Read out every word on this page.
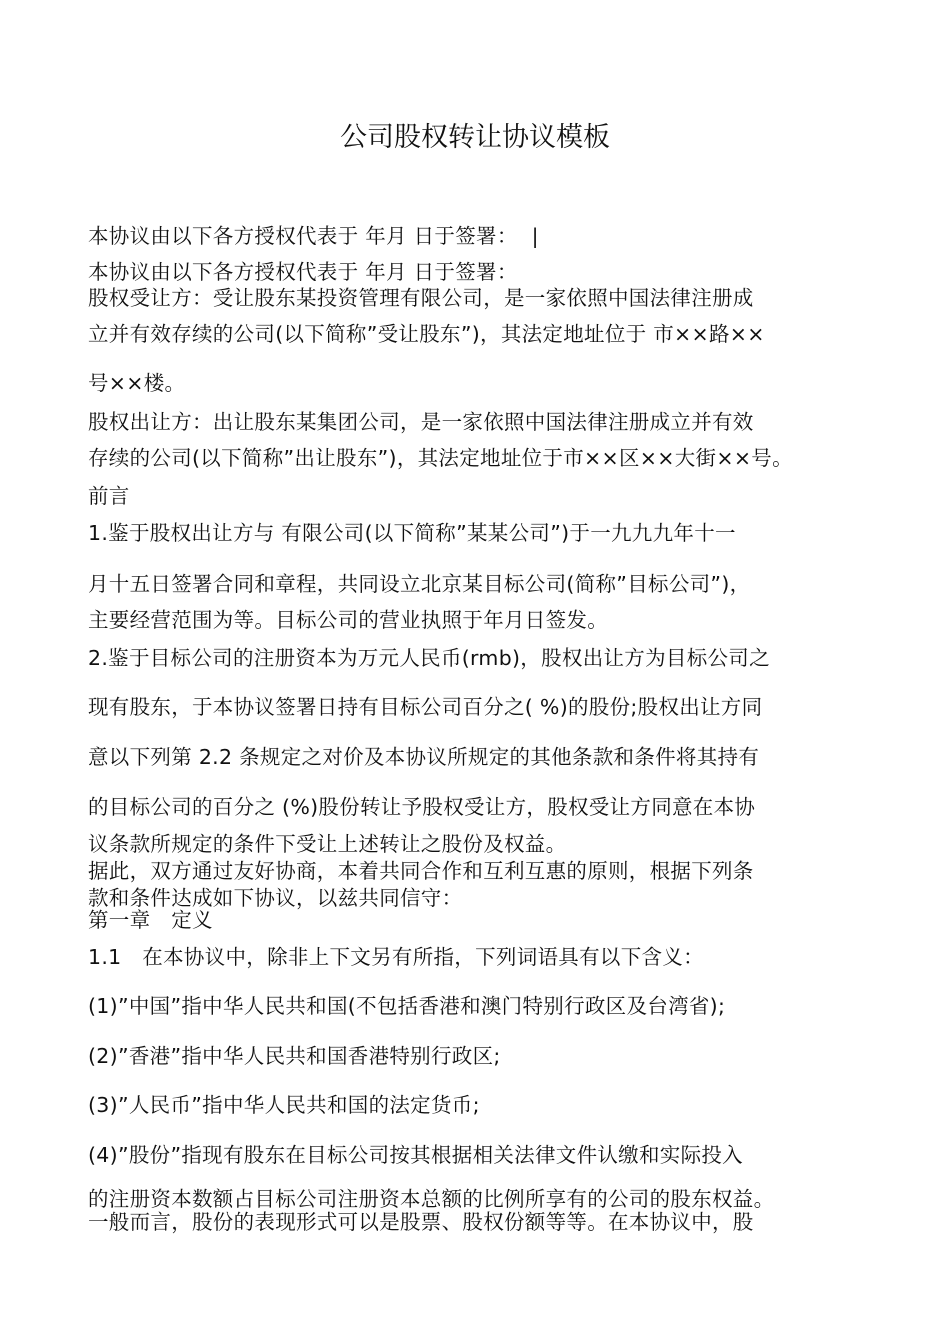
公司股权转让协议模板
本协议由以下各方授权代表于 年月 日于签署： |
本协议由以下各方授权代表于 年月 日于签署：
股权受让方：受让股东某投资管理有限公司，是一家依照中国法律注册成
立并有效存续的公司(以下简称”受让股东”)，其法定地址位于 市××路××
号××楼。
股权出让方：出让股东某集团公司，是一家依照中国法律注册成立并有效
存续的公司(以下简称”出让股东”)，其法定地址位于市××区××大街××号。
前言
1.鉴于股权出让方与 有限公司(以下简称”某某公司”)于一九九九年十一
月十五日签署合同和章程，共同设立北京某目标公司(简称”目标公司”)，
主要经营范围为等。目标公司的营业执照于年月日签发。
2.鉴于目标公司的注册资本为万元人民币(rmb)，股权出让方为目标公司之
现有股东，于本协议签署日持有目标公司百分之( %)的股份;股权出让方同
意以下列第 2.2 条规定之对价及本协议所规定的其他条款和条件将其持有
的目标公司的百分之 (%)股份转让予股权受让方，股权受让方同意在本协
议条款所规定的条件下受让上述转让之股份及权益。
据此，双方通过友好协商，本着共同合作和互利互惠的原则，根据下列条
款和条件达成如下协议，以兹共同信守：
第一章　定义
1.1　在本协议中，除非上下文另有所指，下列词语具有以下含义：
(1)”中国”指中华人民共和国(不包括香港和澳门特别行政区及台湾省);
(2)”香港”指中华人民共和国香港特别行政区;
(3)”人民币”指中华人民共和国的法定货币;
(4)”股份”指现有股东在目标公司按其根据相关法律文件认缴和实际投入
的注册资本数额占目标公司注册资本总额的比例所享有的公司的股东权益。
一般而言，股份的表现形式可以是股票、股权份额等等。在本协议中，股
